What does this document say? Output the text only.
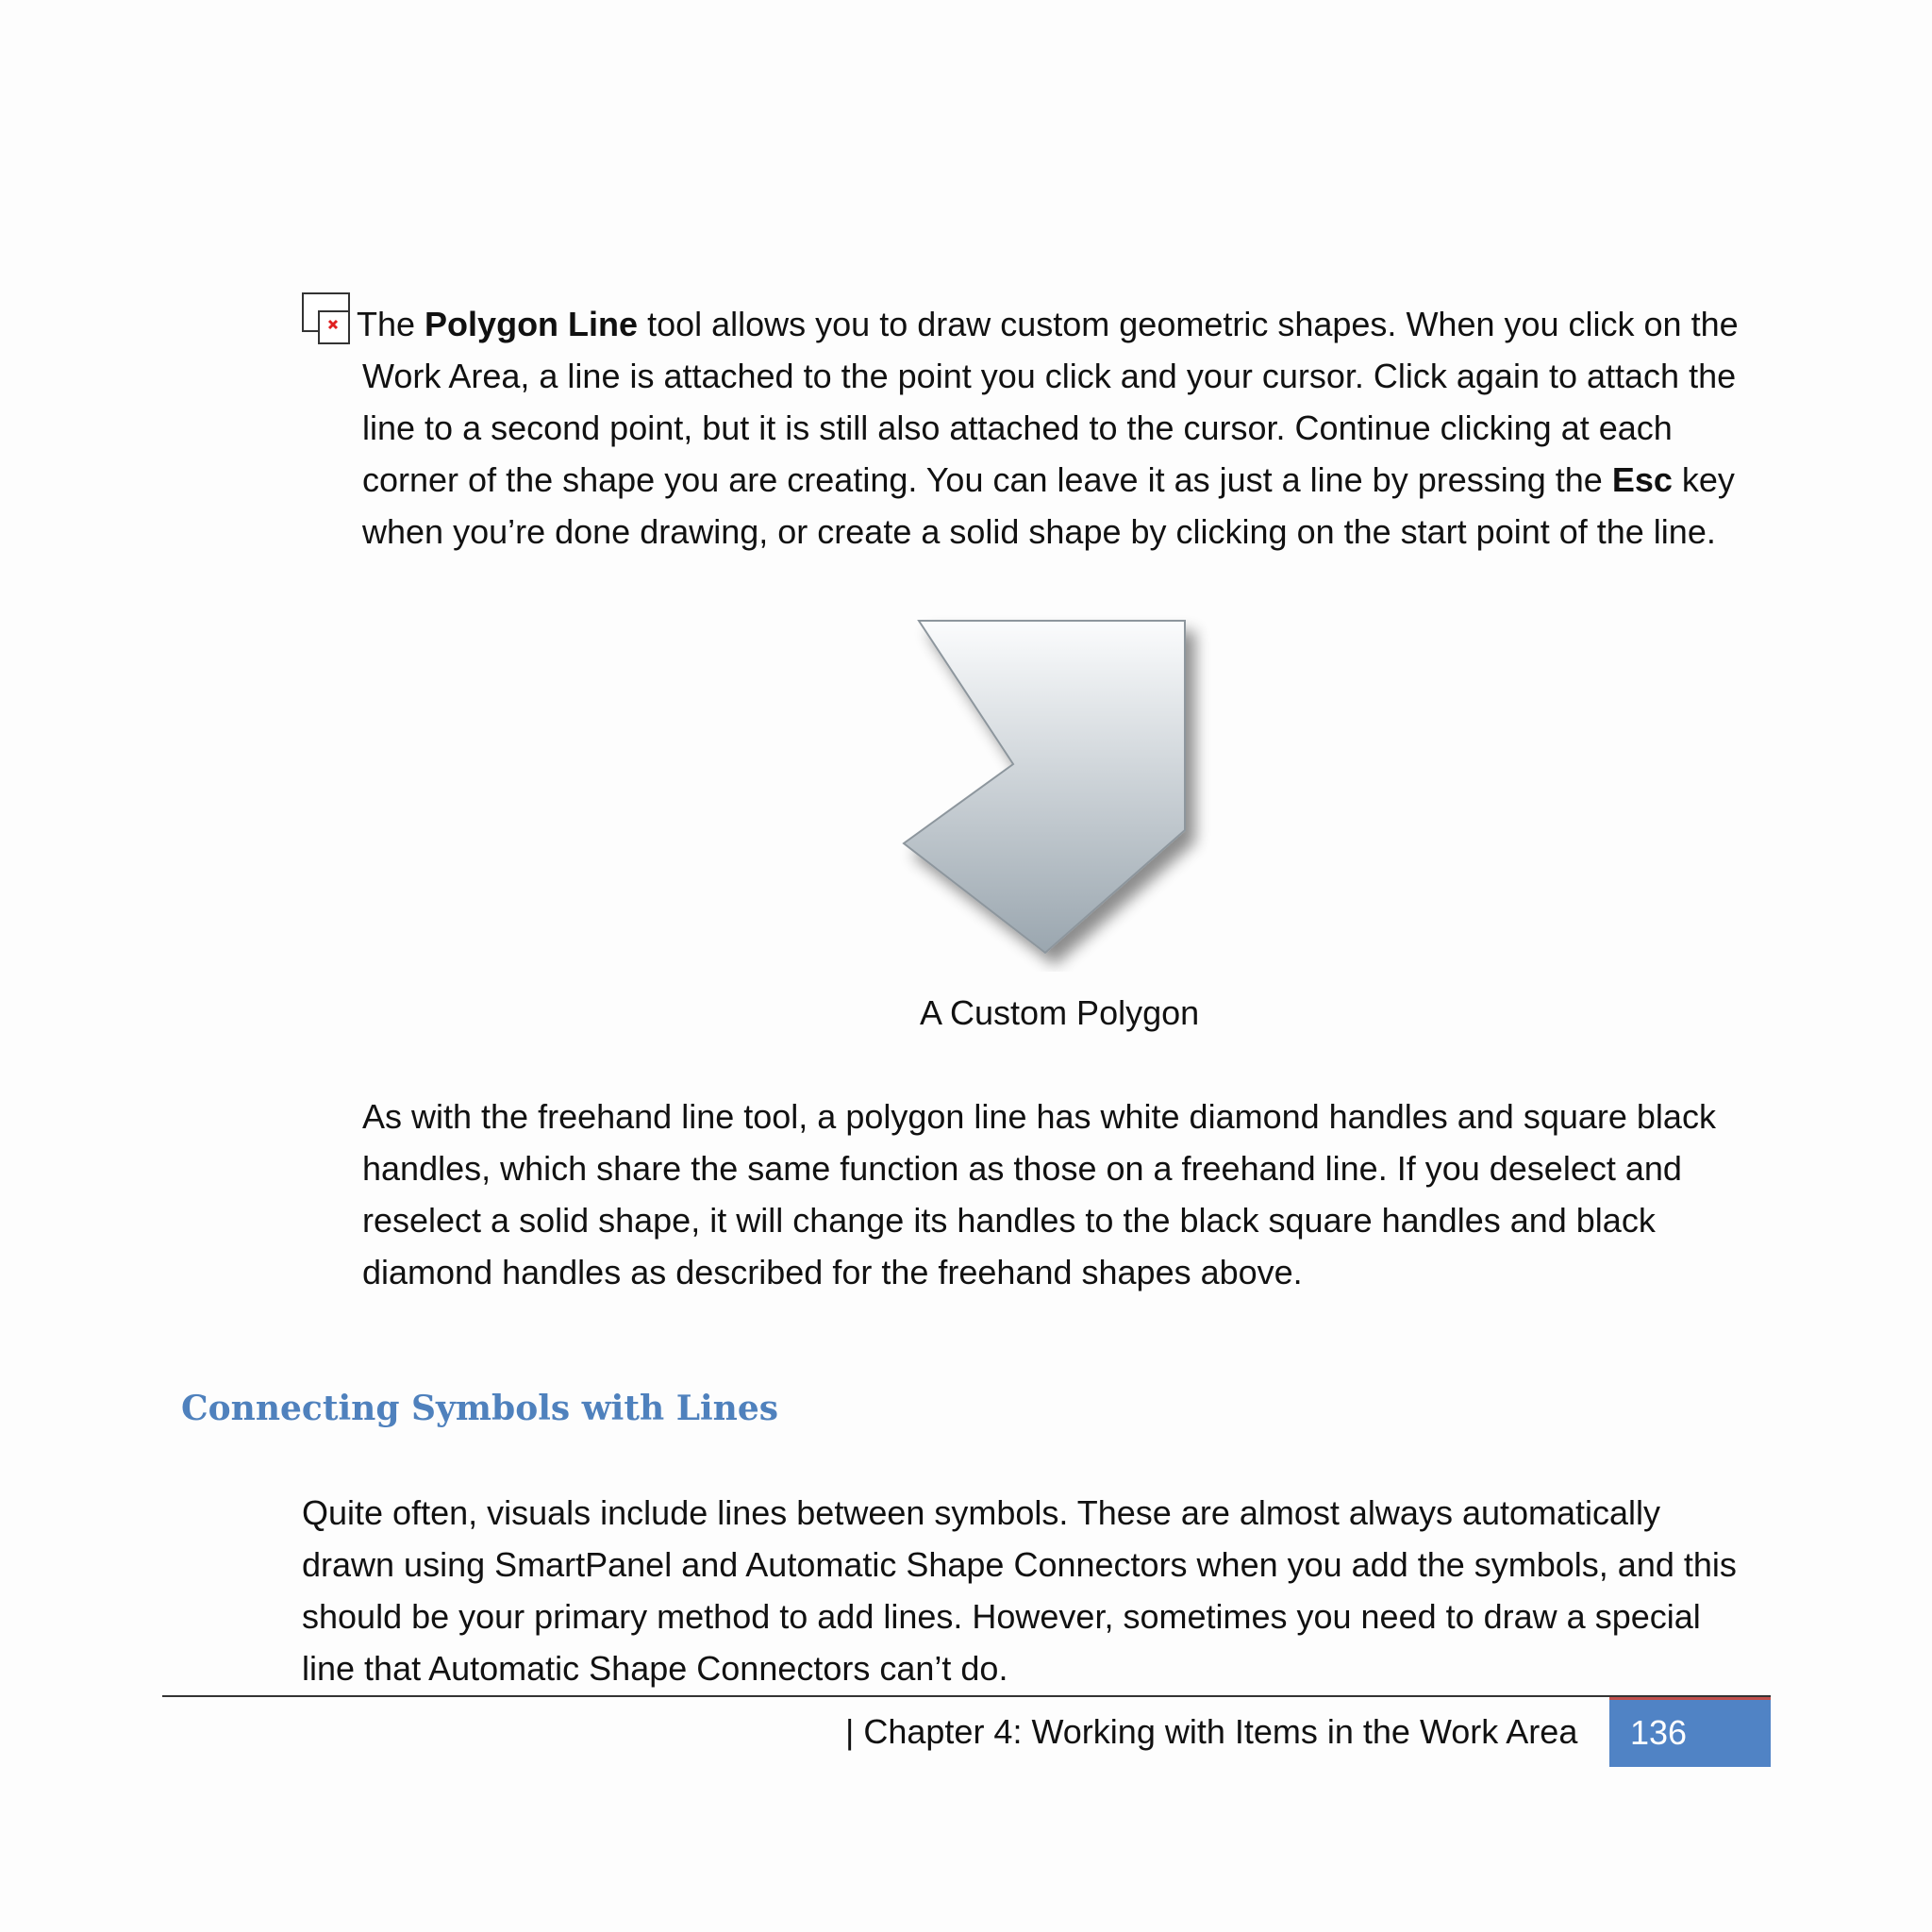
The Polygon Line tool allows you to draw custom geometric shapes. When you click on the
Work Area, a line is attached to the point you click and your cursor. Click again to attach the
line to a second point, but it is still also attached to the cursor. Continue clicking at each
corner of the shape you are creating. You can leave it as just a line by pressing the Esc key
when you’re done drawing, or create a solid shape by clicking on the start point of the line.
A Custom Polygon
As with the freehand line tool, a polygon line has white diamond handles and square black
handles, which share the same function as those on a freehand line. If you deselect and
reselect a solid shape, it will change its handles to the black square handles and black
diamond handles as described for the freehand shapes above.
Connecting Symbols with Lines
Quite often, visuals include lines between symbols. These are almost always automatically
drawn using SmartPanel and Automatic Shape Connectors when you add the symbols, and this
should be your primary method to add lines. However, sometimes you need to draw a special
line that Automatic Shape Connectors can’t do.
| Chapter 4: Working with Items in the Work Area 136
